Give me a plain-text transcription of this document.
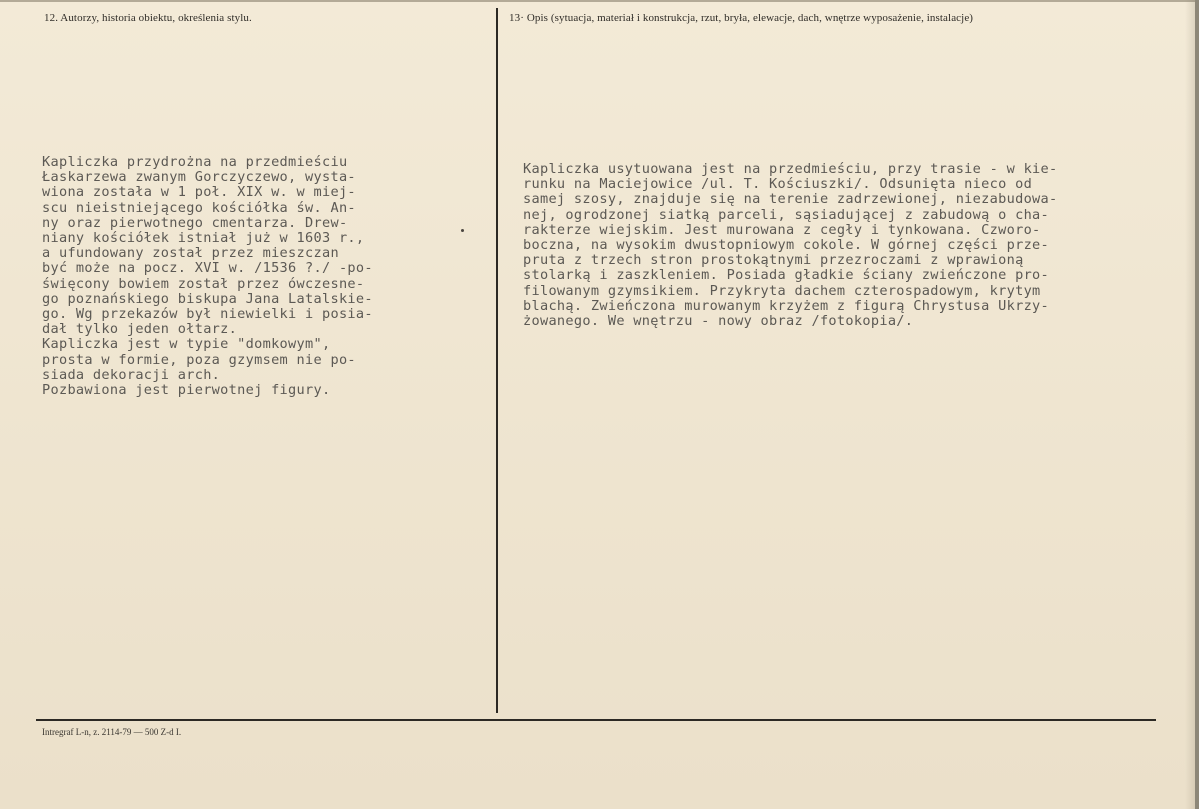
12. Autorzy, historia obiektu, określenia stylu.	13· Opis (sytuacja, materiał i konstrukcja, rzut, bryła, elewacje, dach, wnętrze wyposażenie, instalacje)
Kapliczka przydrożna na przedmieściu
Łaskarzewa zwanym Gorczyczewo, wysta-
wiona została w 1 poł. XIX w. w miej-
scu nieistniejącego kościółka św. An-
ny oraz pierwotnego cmentarza. Drew-
niany kościółek istniał już w 1603 r.,
a ufundowany został przez mieszczan
być może na pocz. XVI w. /1536 ?./ -po-
święcony bowiem został przez ówczesne-
go poznańskiego biskupa Jana Latalskie-
go. Wg przekazów był niewielki i posia-
dał tylko jeden ołtarz.
Kapliczka jest w typie "domkowym",
prosta w formie, poza gzymsem nie po-
siada dekoracji arch.
Pozbawiona jest pierwotnej figury.
Kapliczka usytuowana jest na przedmieściu, przy trasie - w kie-
runku na Maciejowice /ul. T. Kościuszki/. Odsunięta nieco od
samej szosy, znajduje się na terenie zadrzewionej, niezabudowa-
nej, ogrodzonej siatką parceli, sąsiadującej z zabudową o cha-
rakterze wiejskim. Jest murowana z cegły i tynkowana. Czworo-
boczna, na wysokim dwustopniowym cokole. W górnej części prze-
pruta z trzech stron prostokątnymi przezroczami z wprawioną
stolarką i zaszkleniem. Posiada gładkie ściany zwieńczone pro-
filowanym gzymsikiem. Przykryta dachem czterospadowym, krytym
blachą. Zwieńczona murowanym krzyżem z figurą Chrystusa Ukrzy-
żowanego. We wnętrzu - nowy obraz /fotokopia/.
Intregraf L-n, z. 2114-79 — 500 Z-d I.
